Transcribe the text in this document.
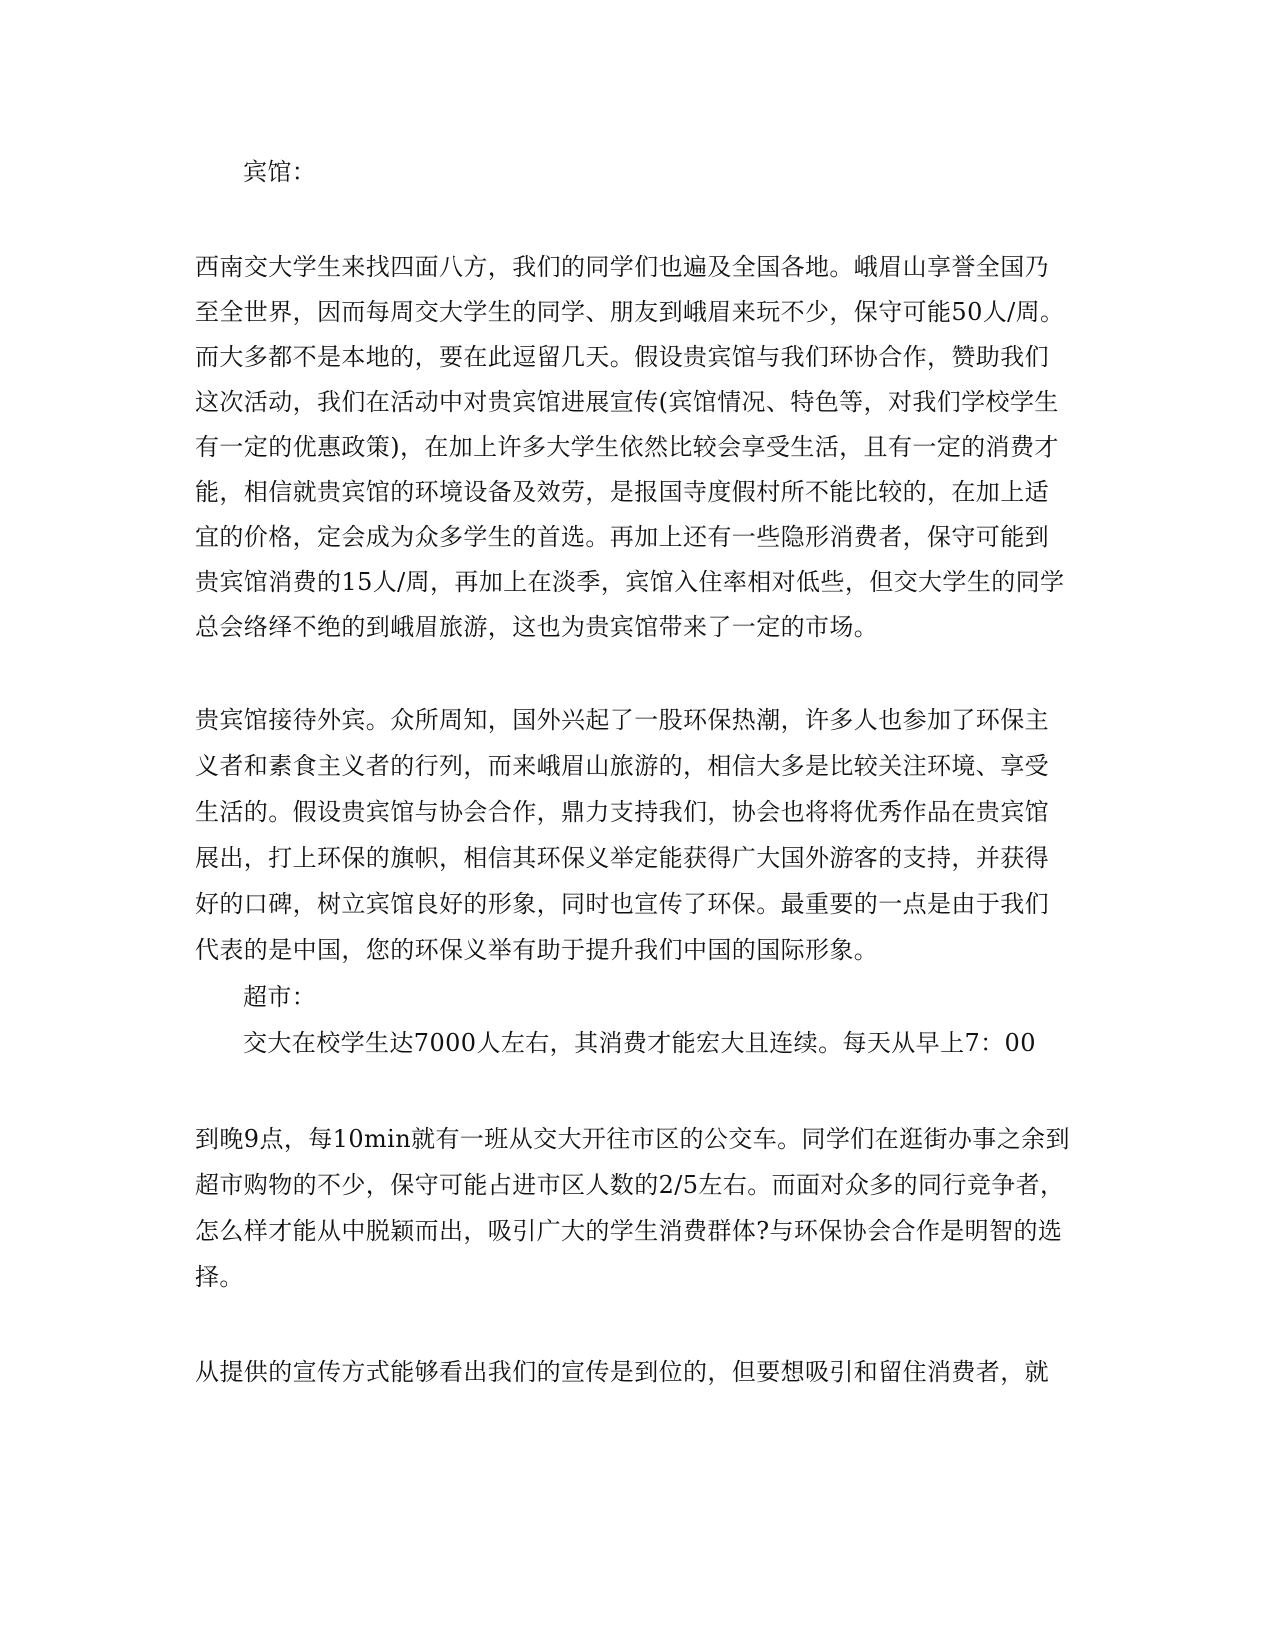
宾馆：
西南交大学生来找四面八方，我们的同学们也遍及全国各地。峨眉山享誉全国乃
至全世界，因而每周交大学生的同学、朋友到峨眉来玩不少，保守可能50人/周。
而大多都不是本地的，要在此逗留几天。假设贵宾馆与我们环协合作，赞助我们
这次活动，我们在活动中对贵宾馆进展宣传(宾馆情况、特色等，对我们学校学生
有一定的优惠政策)，在加上许多大学生依然比较会享受生活，且有一定的消费才
能，相信就贵宾馆的环境设备及效劳，是报国寺度假村所不能比较的，在加上适
宜的价格，定会成为众多学生的首选。再加上还有一些隐形消费者，保守可能到
贵宾馆消费的15人/周，再加上在淡季，宾馆入住率相对低些，但交大学生的同学
总会络绎不绝的到峨眉旅游，这也为贵宾馆带来了一定的市场。
贵宾馆接待外宾。众所周知，国外兴起了一股环保热潮，许多人也参加了环保主
义者和素食主义者的行列，而来峨眉山旅游的，相信大多是比较关注环境、享受
生活的。假设贵宾馆与协会合作，鼎力支持我们，协会也将将优秀作品在贵宾馆
展出，打上环保的旗帜，相信其环保义举定能获得广大国外游客的支持，并获得
好的口碑，树立宾馆良好的形象，同时也宣传了环保。最重要的一点是由于我们
代表的是中国，您的环保义举有助于提升我们中国的国际形象。
超市：
交大在校学生达7000人左右，其消费才能宏大且连续。每天从早上7：00
到晚9点，每10min就有一班从交大开往市区的公交车。同学们在逛街办事之余到
超市购物的不少，保守可能占进市区人数的2/5左右。而面对众多的同行竞争者，
怎么样才能从中脱颖而出，吸引广大的学生消费群体?与环保协会合作是明智的选
择。
从提供的宣传方式能够看出我们的宣传是到位的，但要想吸引和留住消费者，就
